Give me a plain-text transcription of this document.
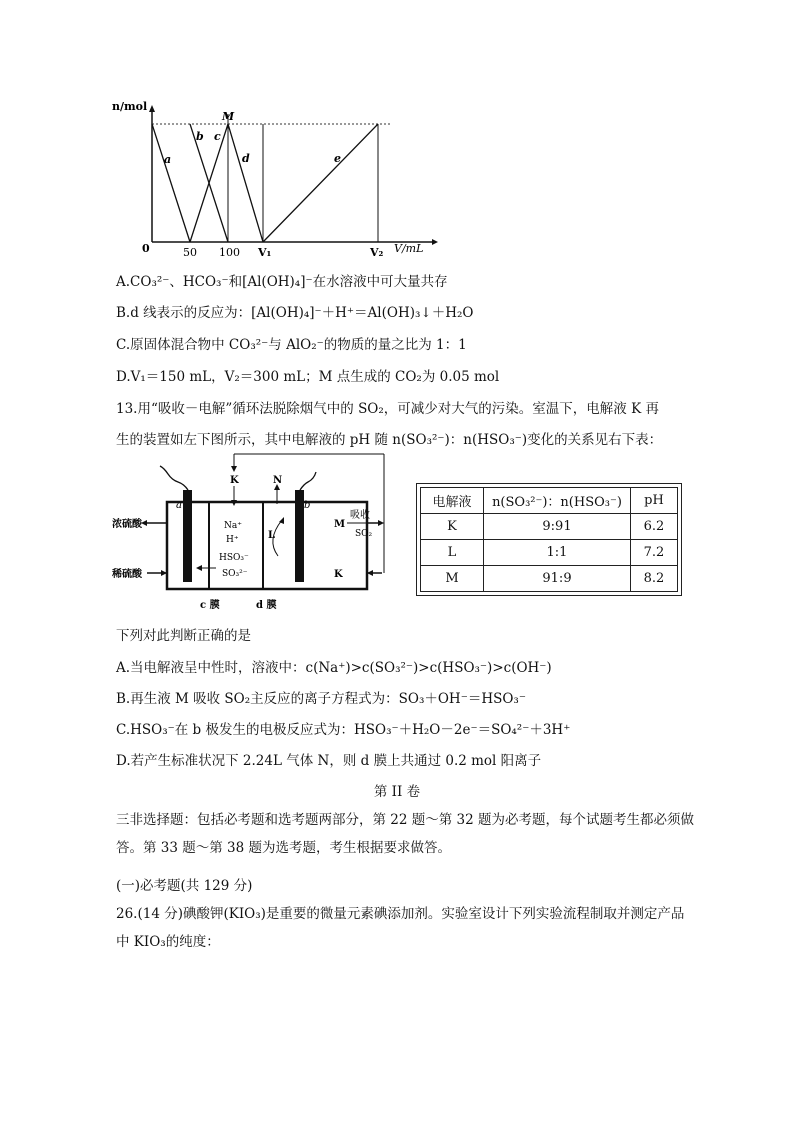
n/mol
V/mL
0	50 100 V₁	V₂
M
a
b c
d	e
A.CO₃²⁻、HCO₃⁻和[Al(OH)₄]⁻在水溶液中可大量共存
B.d 线表示的反应为：[Al(OH)₄]⁻＋H⁺＝Al(OH)₃↓＋H₂O
C.原固体混合物中 CO₃²⁻与 AlO₂⁻的物质的量之比为 1：1
D.V₁＝150 mL，V₂＝300 mL；M 点生成的 CO₂为 0.05 mol
13.用“吸收－电解”循环法脱除烟气中的 SO₂，可减少对大气的污染。室温下，电解液 K 再
生的装置如左下图所示，其中电解液的 pH 随 n(SO₃²⁻)：n(HSO₃⁻)变化的关系见右下表：
浓硫酸
稀硫酸
a	b
K	N
Na⁺
H⁺
HSO₃⁻
SO₃²⁻
L
M
吸收
SO₂
K
c 膜	d 膜
电解液	n(SO₃²⁻)：n(HSO₃⁻)	pH
K	9:91	6.2
L	1:1	7.2
M	91:9	8.2
下列对此判断正确的是
A.当电解液呈中性时，溶液中：c(Na⁺)>c(SO₃²⁻)>c(HSO₃⁻)>c(OH⁻)
B.再生液 M 吸收 SO₂主反应的离子方程式为：SO₃＋OH⁻＝HSO₃⁻
C.HSO₃⁻在 b 极发生的电极反应式为：HSO₃⁻＋H₂O－2e⁻＝SO₄²⁻＋3H⁺
D.若产生标准状况下 2.24L 气体 N，则 d 膜上共通过 0.2 mol 阳离子
第 II 卷
三非选择题：包括必考题和选考题两部分，第 22 题～第 32 题为必考题，每个试题考生都必须做答。第 33 题～第 38 题为选考题，考生根据要求做答。
(一)必考题(共 129 分)
26.(14 分)碘酸钾(KIO₃)是重要的微量元素碘添加剂。实验室设计下列实验流程制取并测定产品中 KIO₃的纯度：
